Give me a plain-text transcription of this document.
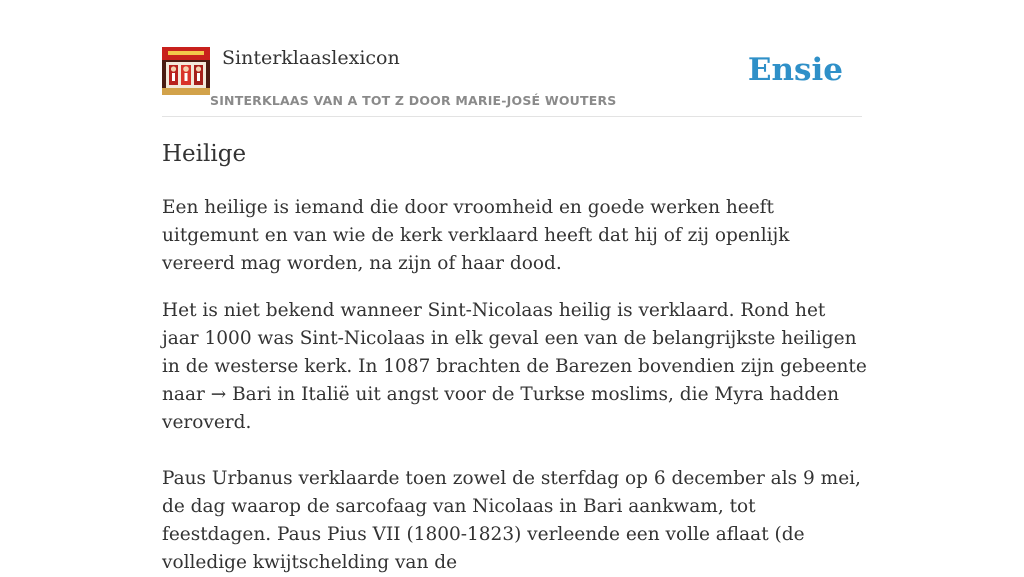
Sinterklaaslexicon
SINTERKLAAS VAN A TOT Z DOOR MARIE-JOSÉ WOUTERS
Ensie
Heilige

Een heilige is iemand die door vroomheid en goede werken heeft uitgemunt en van wie de kerk verklaard heeft dat hij of zij openlijk vereerd mag worden, na zijn of haar dood.

Het is niet bekend wanneer Sint-Nicolaas heilig is verklaard. Rond het jaar 1000 was Sint-Nicolaas in elk geval een van de belangrijkste heiligen in de westerse kerk. In 1087 brachten de Barezen bovendien zijn gebeente naar → Bari in Italië uit angst voor de Turkse moslims, die Myra hadden veroverd.

Paus Urbanus verklaarde toen zowel de sterfdag op 6 december als 9 mei, de dag waarop de sarcofaag van Nicolaas in Bari aankwam, tot feestdagen. Paus Pius VII (1800-1823) verleende een volle aflaat (de volledige kwijtschelding van de
